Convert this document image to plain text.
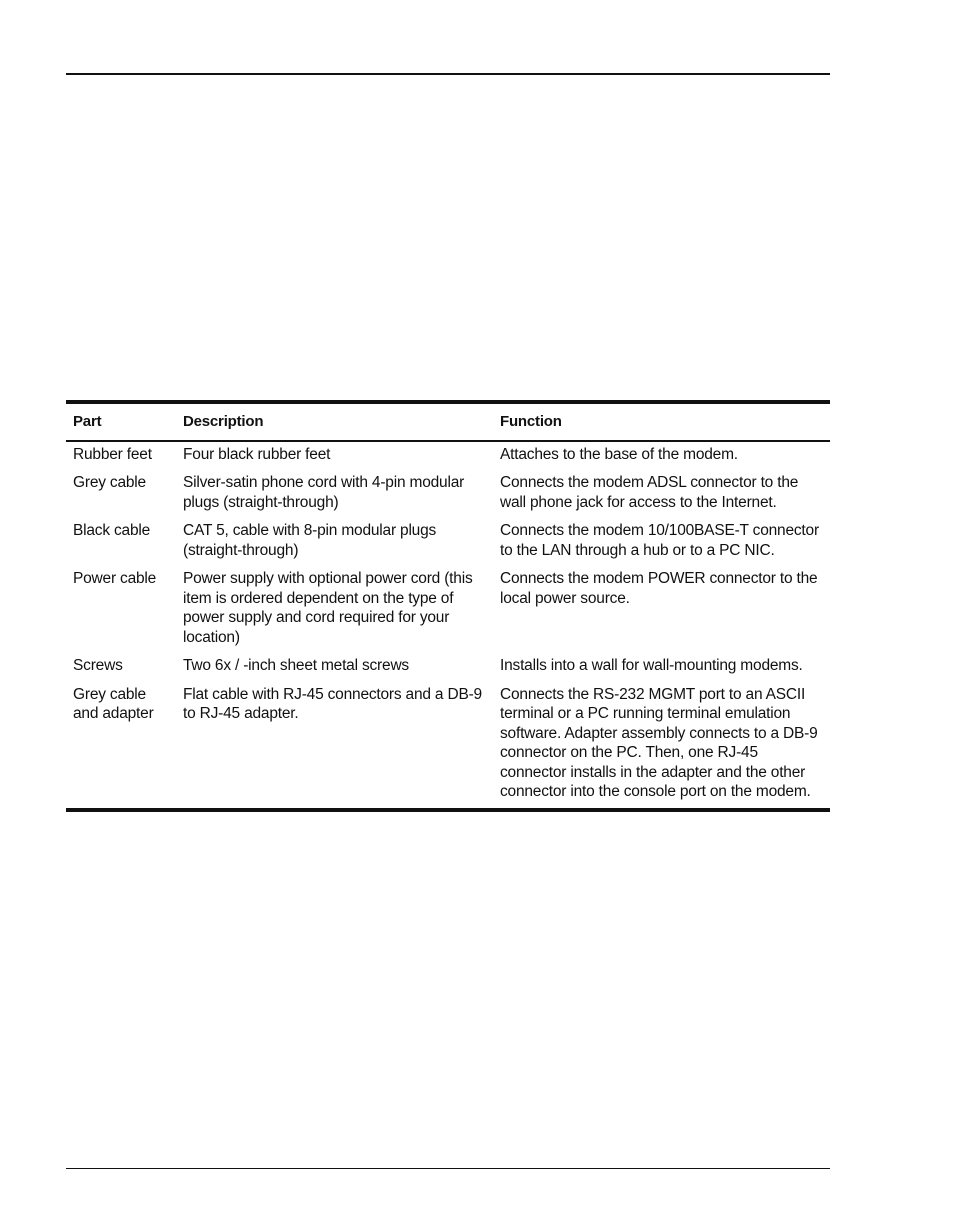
Part	Description	Function
Rubber feet	Four black rubber feet	Attaches to the base of the modem.
Grey cable	Silver-satin phone cord with 4-pin modular plugs (straight-through)	Connects the modem ADSL connector to the wall phone jack for access to the Internet.
Black cable	CAT 5, cable with 8-pin modular plugs (straight-through)	Connects the modem 10/100BASE-T connector to the LAN through a hub or to a PC NIC.
Power cable	Power supply with optional power cord (this item is ordered dependent on the type of power supply and cord required for your location)	Connects the modem POWER connector to the local power source.
Screws	Two 6x / -inch sheet metal screws	Installs into a wall for wall-mounting modems.
Grey cable and adapter	Flat cable with RJ-45 connectors and a DB-9 to RJ-45 adapter.	Connects the RS-232 MGMT port to an ASCII terminal or a PC running terminal emulation software. Adapter assembly connects to a DB-9 connector on the PC. Then, one RJ-45 connector installs in the adapter and the other connector into the console port on the modem.
